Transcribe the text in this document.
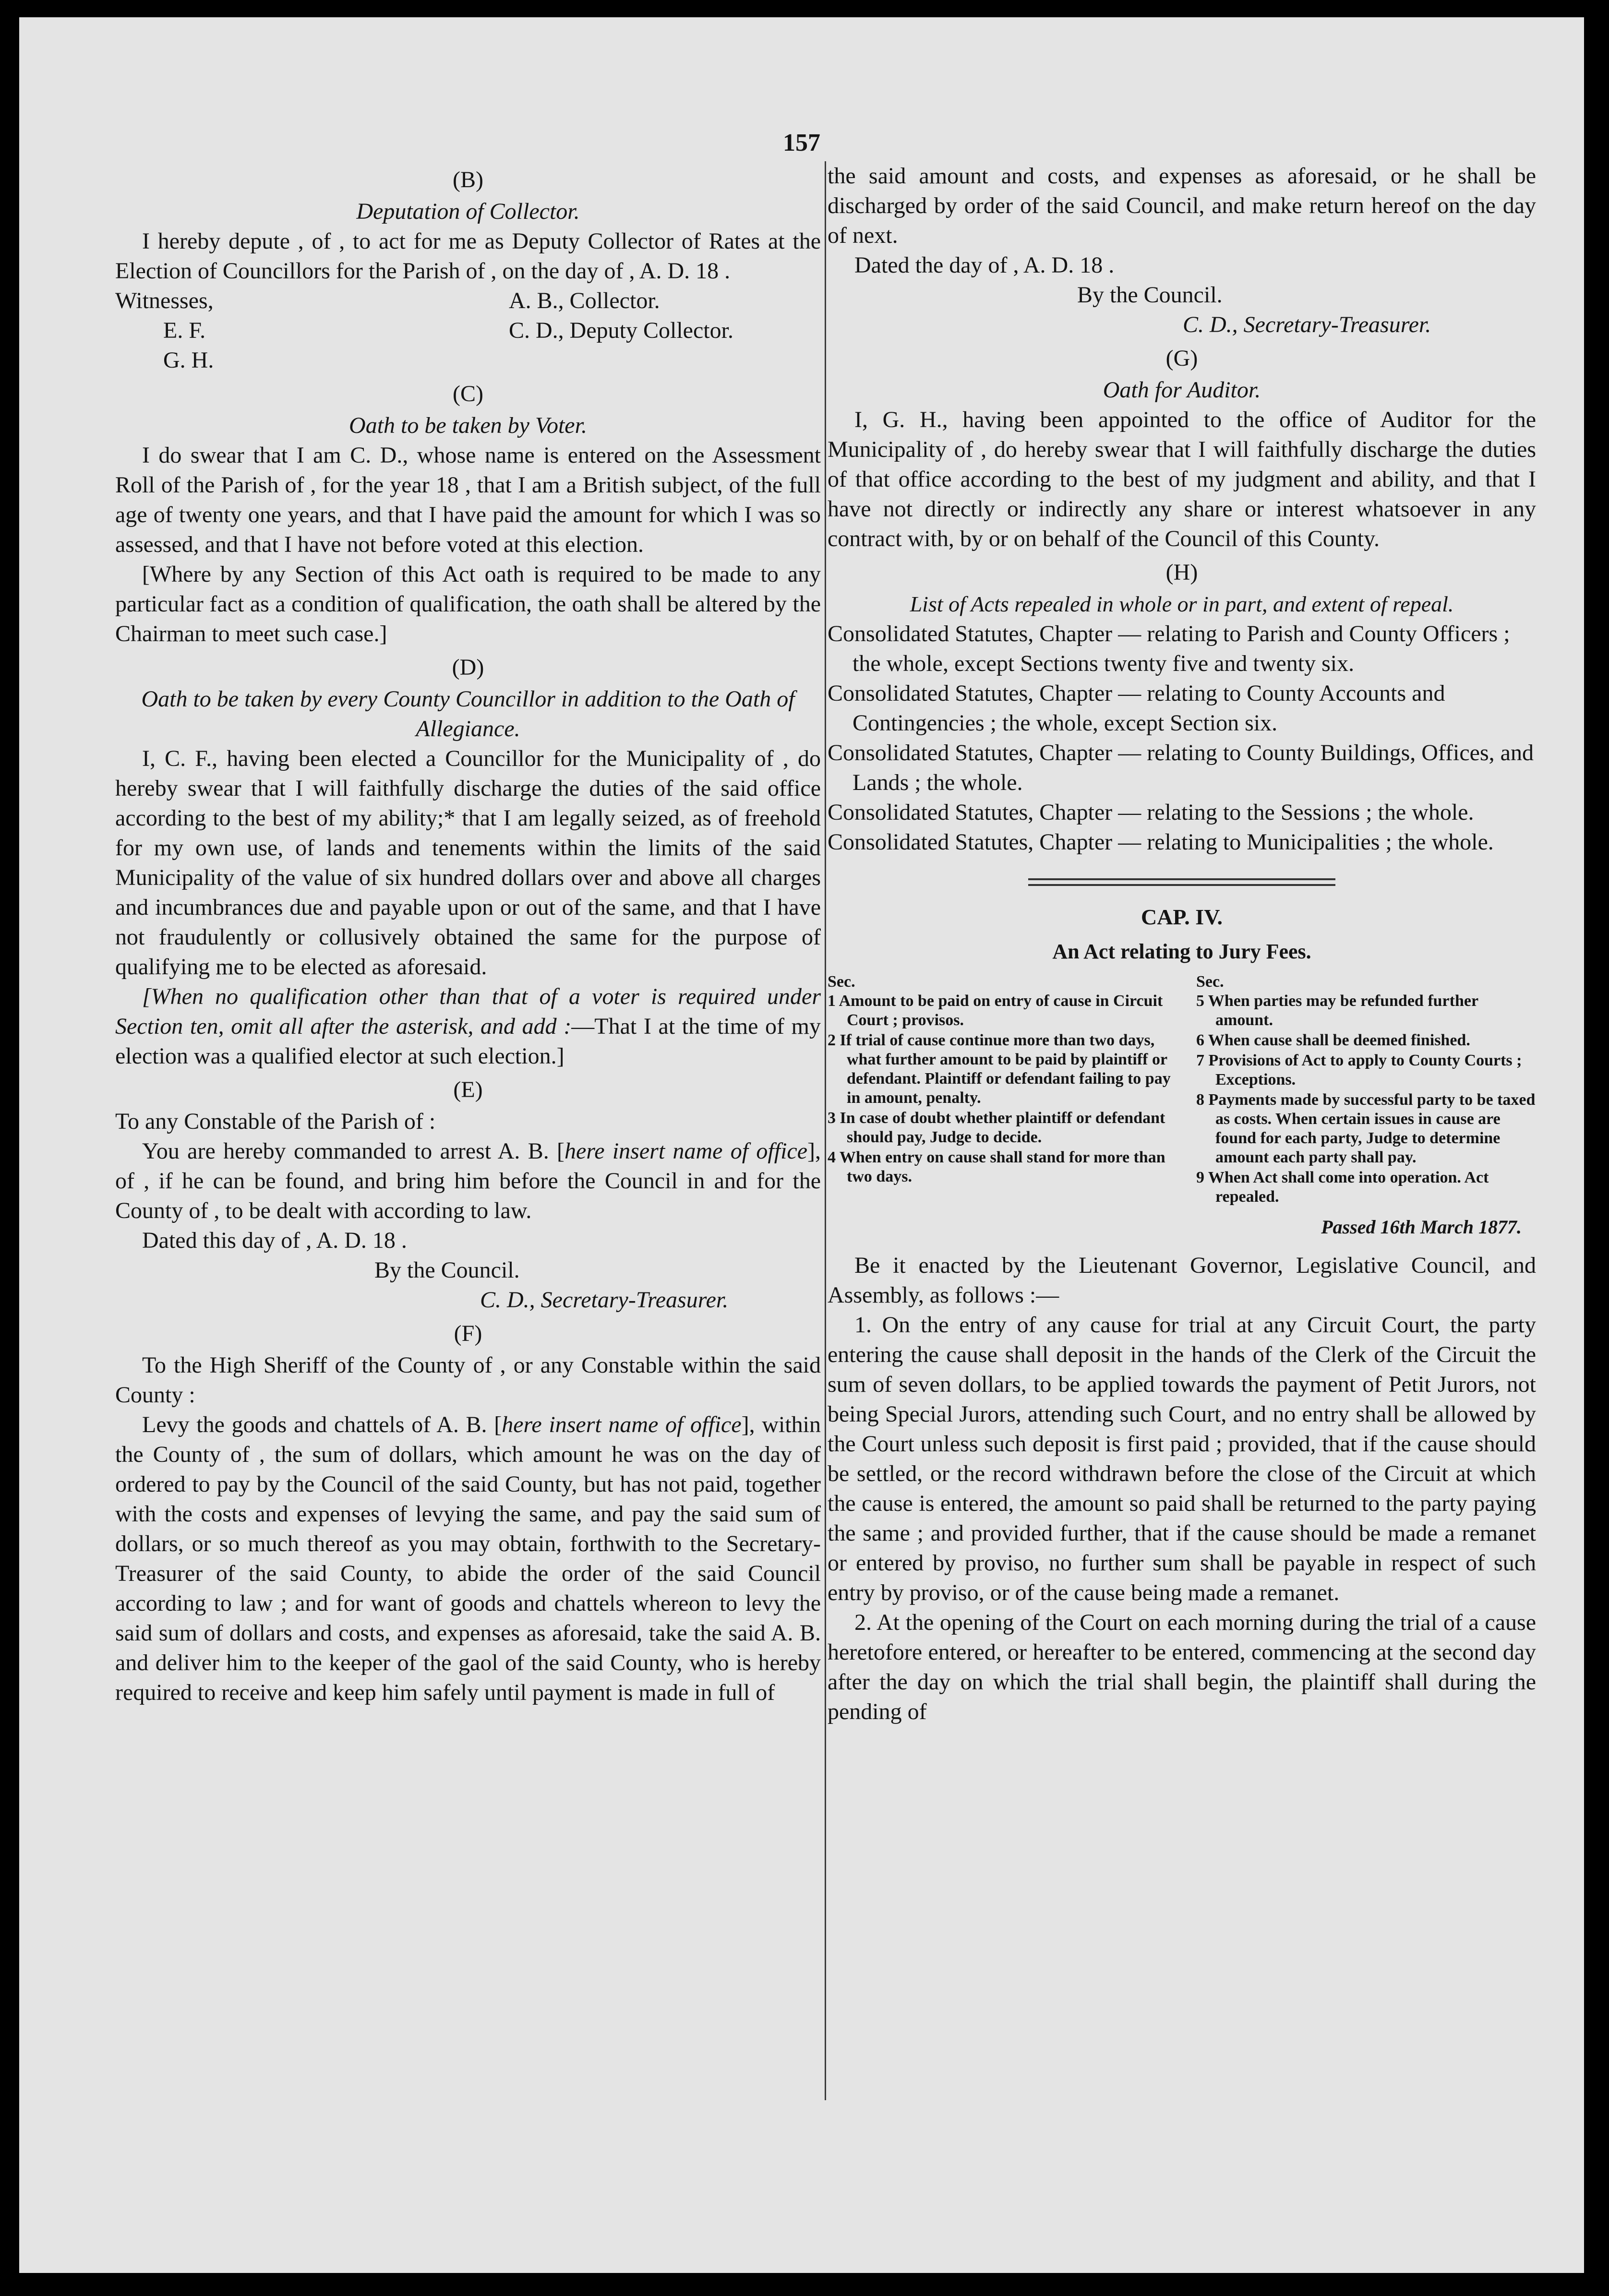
157
(B)
Deputation of Collector.

I hereby depute , of , to act for me as Deputy Collector of Rates at the Election of Councillors for the Parish of , on the day of , A. D. 18 .

Witnesses,	A. B., Collector.
E. F.	C. D., Deputy Collector.
G. H.
(C)
Oath to be taken by Voter.

I do swear that I am C. D., whose name is entered on the Assessment Roll of the Parish of , for the year 18 , that I am a British subject, of the full age of twenty one years, and that I have paid the amount for which I was so assessed, and that I have not before voted at this election.

[Where by any Section of this Act oath is required to be made to any particular fact as a condition of qualification, the oath shall be altered by the Chairman to meet such case.]

(D)
Oath to be taken by every County Councillor in addition to the Oath of Allegiance.

I, C. F., having been elected a Councillor for the Municipality of , do hereby swear that I will faithfully discharge the duties of the said office according to the best of my ability;* that I am legally seized, as of freehold for my own use, of lands and tenements within the limits of the said Municipality of the value of six hundred dollars over and above all charges and incumbrances due and payable upon or out of the same, and that I have not fraudulently or collusively obtained the same for the purpose of qualifying me to be elected as aforesaid.

[When no qualification other than that of a voter is required under Section ten, omit all after the asterisk, and add :—That I at the time of my election was a qualified elector at such election.]

(E)
To any Constable of the Parish of :

You are hereby commanded to arrest A. B. [here insert name of office], of , if he can be found, and bring him before the Council in and for the County of , to be dealt with according to law.

Dated this day of , A. D. 18 .
By the Council.
C. D., Secretary-Treasurer.
(F)

To the High Sheriff of the County of , or any Constable within the said County :

Levy the goods and chattels of A. B. [here insert name of office], within the County of , the sum of dollars, which amount he was on the day of ordered to pay by the Council of the said County, but has not paid, together with the costs and expenses of levying the same, and pay the said sum of dollars, or so much thereof as you may obtain, forthwith to the Secretary-Treasurer of the said County, to abide the order of the said Council according to law ; and for want of goods and chattels whereon to levy the said sum of dollars and costs, and expenses as aforesaid, take the said A. B. and deliver him to the keeper of the gaol of the said County, who is hereby required to receive and keep him safely until payment is made in full of

the said amount and costs, and expenses as aforesaid, or he shall be discharged by order of the said Council, and make return hereof on the day of next.

Dated the day of , A. D. 18 .
By the Council.
C. D., Secretary-Treasurer.
(G)
Oath for Auditor.

I, G. H., having been appointed to the office of Auditor for the Municipality of , do hereby swear that I will faithfully discharge the duties of that office according to the best of my judgment and ability, and that I have not directly or indirectly any share or interest whatsoever in any contract with, by or on behalf of the Council of this County.

(H)
List of Acts repealed in whole or in part, and extent of repeal.

Consolidated Statutes, Chapter — relating to Parish and County Officers ; the whole, except Sections twenty five and twenty six.

Consolidated Statutes, Chapter — relating to County Accounts and Contingencies ; the whole, except Section six.

Consolidated Statutes, Chapter — relating to County Buildings, Offices, and Lands ; the whole.

Consolidated Statutes, Chapter — relating to the Sessions ; the whole.

Consolidated Statutes, Chapter — relating to Municipalities ; the whole.

CAP. IV.
An Act relating to Jury Fees.
Sec.

1 Amount to be paid on entry of cause in Circuit Court ; provisos.

2 If trial of cause continue more than two days, what further amount to be paid by plaintiff or defendant. Plaintiff or defendant failing to pay in amount, penalty.

3 In case of doubt whether plaintiff or defendant should pay, Judge to decide.

4 When entry on cause shall stand for more than two days.

Sec.

5 When parties may be refunded further amount.

6 When cause shall be deemed finished.

7 Provisions of Act to apply to County Courts ; Exceptions.

8 Payments made by successful party to be taxed as costs. When certain issues in cause are found for each party, Judge to determine amount each party shall pay.

9 When Act shall come into operation. Act repealed.

Passed 16th March 1877.

Be it enacted by the Lieutenant Governor, Legislative Council, and Assembly, as follows :—

1. On the entry of any cause for trial at any Circuit Court, the party entering the cause shall deposit in the hands of the Clerk of the Circuit the sum of seven dollars, to be applied towards the payment of Petit Jurors, not being Special Jurors, attending such Court, and no entry shall be allowed by the Court unless such deposit is first paid ; provided, that if the cause should be settled, or the record withdrawn before the close of the Circuit at which the cause is entered, the amount so paid shall be returned to the party paying the same ; and provided further, that if the cause should be made a remanet or entered by proviso, no further sum shall be payable in respect of such entry by proviso, or of the cause being made a remanet.

2. At the opening of the Court on each morning during the trial of a cause heretofore entered, or hereafter to be entered, commencing at the second day after the day on which the trial shall begin, the plaintiff shall during the pending of
